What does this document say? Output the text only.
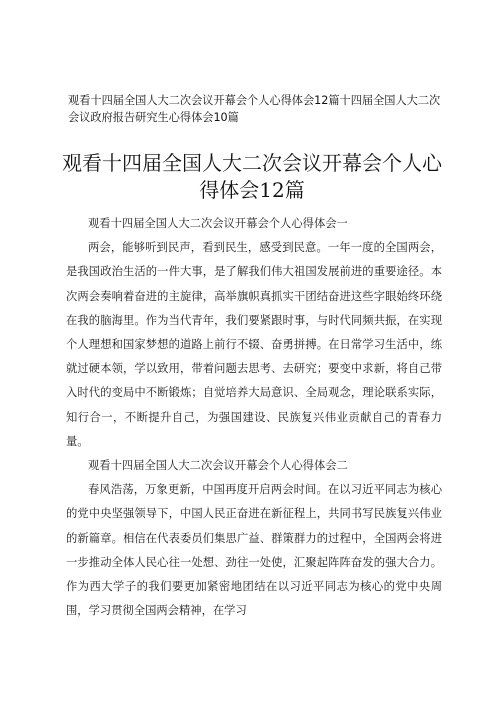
观看十四届全国人大二次会议开幕会个人心得体会12篇十四届全国人大二次会议政府报告研究生心得体会10篇
观看十四届全国人大二次会议开幕会个人心得体会12篇

观看十四届全国人大二次会议开幕会个人心得体会一

两会，能够听到民声，看到民生，感受到民意。一年一度的全国两会，是我国政治生活的一件大事，是了解我们伟大祖国发展前进的重要途径。本次两会奏响着奋进的主旋律，高举旗帜真抓实干团结奋进这些字眼始终环绕在我的脑海里。作为当代青年，我们要紧跟时事，与时代同频共振，在实现个人理想和国家梦想的道路上前行不辍、奋勇拼搏。在日常学习生活中，练就过硬本领，学以致用，带着问题去思考、去研究；要变中求新，将自己带入时代的变局中不断锻炼；自觉培养大局意识、全局观念，理论联系实际，知行合一，不断提升自己，为强国建设、民族复兴伟业贡献自己的青春力量。

观看十四届全国人大二次会议开幕会个人心得体会二

春风浩荡，万象更新，中国再度开启两会时间。在以习近平同志为核心的党中央坚强领导下，中国人民正奋进在新征程上，共同书写民族复兴伟业的新篇章。相信在代表委员们集思广益、群策群力的过程中，全国两会将进一步推动全体人民心往一处想、劲往一处使，汇聚起阵阵奋发的强大合力。作为西大学子的我们要更加紧密地团结在以习近平同志为核心的党中央周围，学习贯彻全国两会精神，在学习
